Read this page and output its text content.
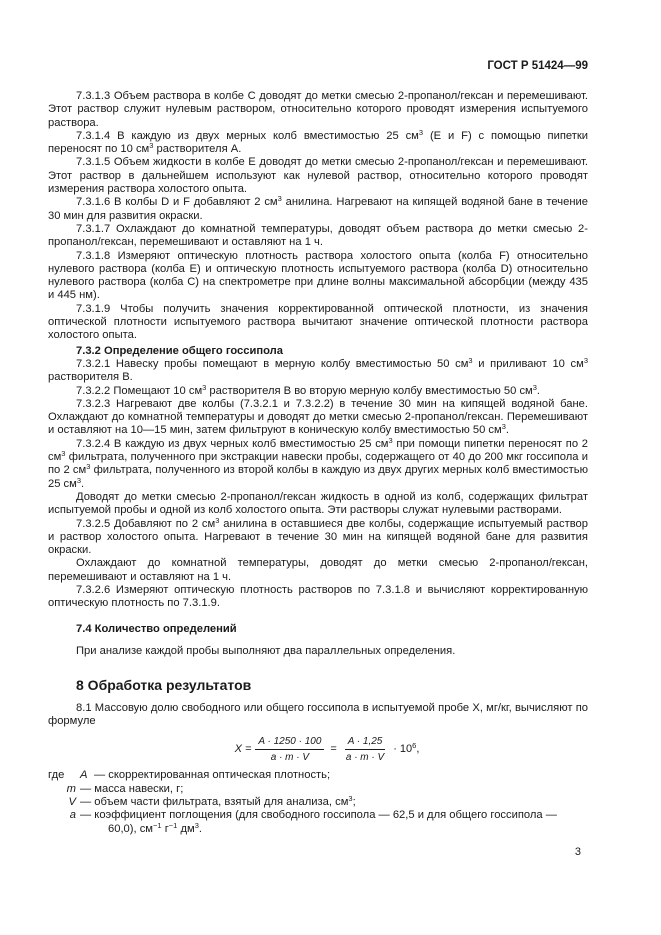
ГОСТ Р 51424—99

7.3.1.3 Объем раствора в колбе C доводят до метки смесью 2-пропанол/гексан и перемешивают. Этот раствор служит нулевым раствором, относительно которого проводят измерения испытуемого раствора.

7.3.1.4 В каждую из двух мерных колб вместимостью 25 $см^3$ (E и F) с помощью пипетки переносят по 10 $см^3$ растворителя A.

7.3.1.5 Объем жидкости в колбе E доводят до метки смесью 2-пропанол/гексан и перемешивают. Этот раствор в дальнейшем используют как нулевой раствор, относительно которого проводят измерения раствора холостого опыта.

7.3.1.6 В колбы D и F добавляют 2 $см^3$ анилина. Нагревают на кипящей водяной бане в течение 30 мин для развития окраски.

7.3.1.7 Охлаждают до комнатной температуры, доводят объем раствора до метки смесью 2-пропанол/гексан, перемешивают и оставляют на 1 ч.

7.3.1.8 Измеряют оптическую плотность раствора холостого опыта (колба F) относительно нулевого раствора (колба E) и оптическую плотность испытуемого раствора (колба D) относительно нулевого раствора (колба C) на спектрометре при длине волны максимальной абсорбции (между 435 и 445 нм).

7.3.1.9 Чтобы получить значения корректированной оптической плотности, из значения оптической плотности испытуемого раствора вычитают значение оптической плотности раствора холостого опыта.

7.3.2 Определение общего госсипола

7.3.2.1 Навеску пробы помещают в мерную колбу вместимостью 50 $см^3$ и приливают 10 $см^3$ растворителя B.

7.3.2.2 Помещают 10 $см^3$ растворителя B во вторую мерную колбу вместимостью 50 $см^3$.

7.3.2.3 Нагревают две колбы (7.3.2.1 и 7.3.2.2) в течение 30 мин на кипящей водяной бане. Охлаждают до комнатной температуры и доводят до метки смесью 2-пропанол/гексан. Перемешивают и оставляют на 10—15 мин, затем фильтруют в коническую колбу вместимостью 50 $см^3$.

7.3.2.4 В каждую из двух черных колб вместимостью 25 $см^3$ при помощи пипетки переносят по 2 $см^3$ фильтрата, полученного при экстракции навески пробы, содержащего от 40 до 200 мкг госсипола и по 2 $см^3$ фильтрата, полученного из второй колбы в каждую из двух других мерных колб вместимостью 25 $см^3$.

Доводят до метки смесью 2-пропанол/гексан жидкость в одной из колб, содержащих фильтрат испытуемой пробы и одной из колб холостого опыта. Эти растворы служат нулевыми растворами.

7.3.2.5 Добавляют по 2 $см^3$ анилина в оставшиеся две колбы, содержащие испытуемый раствор и раствор холостого опыта. Нагревают в течение 30 мин на кипящей водяной бане для развития окраски.

Охлаждают до комнатной температуры, доводят до метки смесью 2-пропанол/гексан, перемешивают и оставляют на 1 ч.

7.3.2.6 Измеряют оптическую плотность растворов по 7.3.1.8 и вычисляют корректированную оптическую плотность по 7.3.1.9.

7.4 Количество определений

При анализе каждой пробы выполняют два параллельных определения.

8 Обработка результатов

8.1 Массовую долю свободного или общего госсипола в испытуемой пробе X, мг/кг, вычисляют по формуле

$X = \frac{A \cdot 1250 \cdot 100}{a \cdot m \cdot V} = \frac{A \cdot 1,25}{a \cdot m \cdot V} \cdot 10^6$,
где	A — скорректированная оптическая плотность;
m — масса навески, г;
V — объем части фильтрата, взятый для анализа, $см^3$;
a — коэффициент поглощения (для свободного госсипола — 62,5 и для общего госсипола —
60,0), $см^{-1}$ $г^{-1}$ $дм^3$.
3
